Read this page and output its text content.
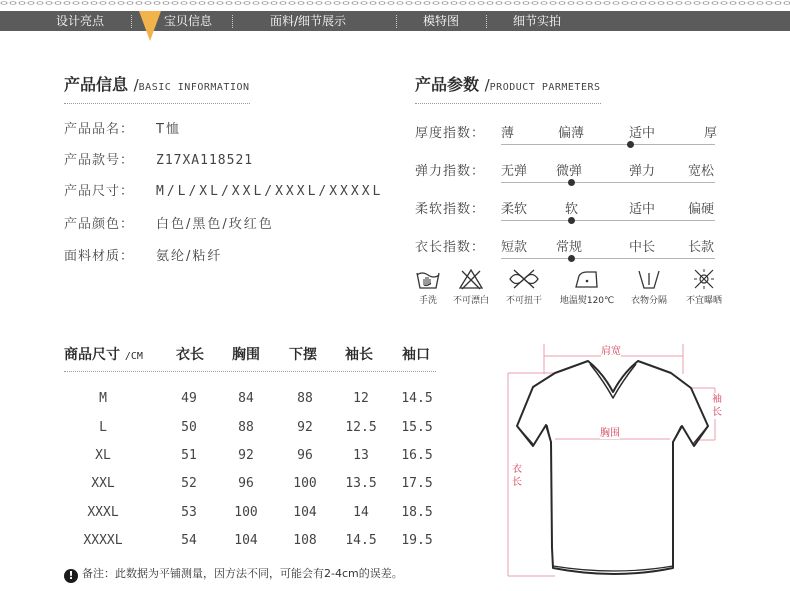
设计亮点	宝贝信息	面料/细节展示	模特图	细节实拍
产品信息 /BASIC INFORMATION
产品品名： T恤
产品款号： Z17XA118521
产品尺寸： M/L/XL/XXL/XXXL/XXXXL
产品颜色： 白色/黑色/玫红色
面料材质： 氨纶/粘纤
产品参数 /PRODUCT PARMETERS
厚度指数： 薄	偏薄	适中	厚
弹力指数： 无弹 微弹	弹力	宽松
柔软指数： 柔软	软	适中	偏硬
衣长指数： 短款 常规	中长	长款
手洗	不可漂白	不可扭干	地温熨120℃	衣物分隔	不宜曝晒
商品尺寸 /CM 衣长 胸围 下摆 袖长 袖口
M	49	84	88	12	14.5
L	50	88	92	12.5	15.5
XL	51	92	96	13	16.5
XXL	52	96	100	13.5	17.5
XXXL	53	100	104	14	18.5
XXXXL	54	104	108	14.5	19.5
! 备注：此数据为平铺测量，因方法不同，可能会有2-4cm的误差。
肩宽
胸围
袖
长
衣
长
